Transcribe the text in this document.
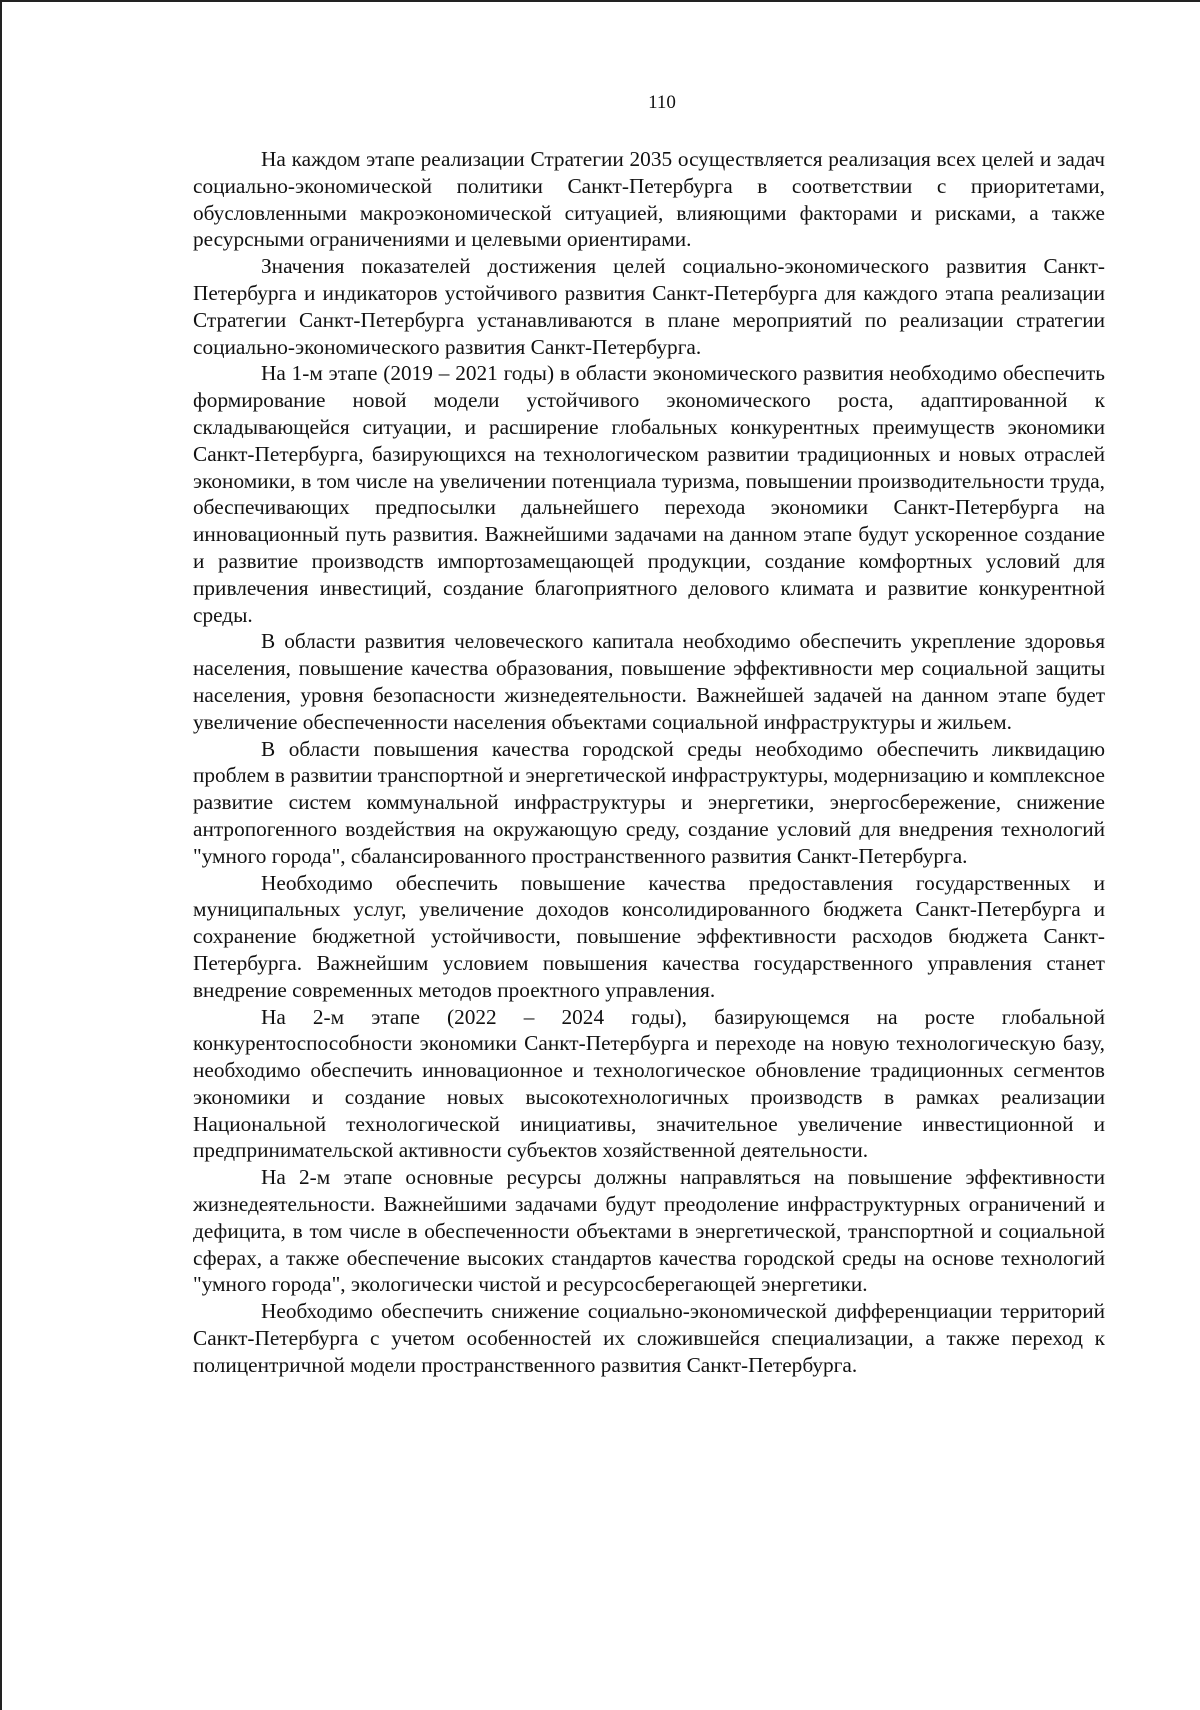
110

На каждом этапе реализации Стратегии 2035 осуществляется реализация всех целей и задач социально-экономической политики Санкт-Петербурга в соответствии с приоритетами, обусловленными макроэкономической ситуацией, влияющими факторами и рисками, а также ресурсными ограничениями и целевыми ориентирами.

Значения показателей достижения целей социально-экономического развития Санкт-Петербурга и индикаторов устойчивого развития Санкт-Петербурга для каждого этапа реализации Стратегии Санкт-Петербурга устанавливаются в плане мероприятий по реализации стратегии социально-экономического развития Санкт-Петербурга.

На 1-м этапе (2019 – 2021 годы) в области экономического развития необходимо обеспечить формирование новой модели устойчивого экономического роста, адаптированной к складывающейся ситуации, и расширение глобальных конкурентных преимуществ экономики Санкт-Петербурга, базирующихся на технологическом развитии традиционных и новых отраслей экономики, в том числе на увеличении потенциала туризма, повышении производительности труда, обеспечивающих предпосылки дальнейшего перехода экономики Санкт-Петербурга на инновационный путь развития. Важнейшими задачами на данном этапе будут ускоренное создание и развитие производств импортозамещающей продукции, создание комфортных условий для привлечения инвестиций, создание благоприятного делового климата и развитие конкурентной среды.

В области развития человеческого капитала необходимо обеспечить укрепление здоровья населения, повышение качества образования, повышение эффективности мер социальной защиты населения, уровня безопасности жизнедеятельности. Важнейшей задачей на данном этапе будет увеличение обеспеченности населения объектами социальной инфраструктуры и жильем.

В области повышения качества городской среды необходимо обеспечить ликвидацию проблем в развитии транспортной и энергетической инфраструктуры, модернизацию и комплексное развитие систем коммунальной инфраструктуры и энергетики, энергосбережение, снижение антропогенного воздействия на окружающую среду, создание условий для внедрения технологий "умного города", сбалансированного пространственного развития Санкт-Петербурга.

Необходимо обеспечить повышение качества предоставления государственных и муниципальных услуг, увеличение доходов консолидированного бюджета Санкт-Петербурга и сохранение бюджетной устойчивости, повышение эффективности расходов бюджета Санкт-Петербурга. Важнейшим условием повышения качества государственного управления станет внедрение современных методов проектного управления.

На 2-м этапе (2022 – 2024 годы), базирующемся на росте глобальной конкурентоспособности экономики Санкт-Петербурга и переходе на новую технологическую базу, необходимо обеспечить инновационное и технологическое обновление традиционных сегментов экономики и создание новых высокотехнологичных производств в рамках реализации Национальной технологической инициативы, значительное увеличение инвестиционной и предпринимательской активности субъектов хозяйственной деятельности.

На 2-м этапе основные ресурсы должны направляться на повышение эффективности жизнедеятельности. Важнейшими задачами будут преодоление инфраструктурных ограничений и дефицита, в том числе в обеспеченности объектами в энергетической, транспортной и социальной сферах, а также обеспечение высоких стандартов качества городской среды на основе технологий "умного города", экологически чистой и ресурсосберегающей энергетики.

Необходимо обеспечить снижение социально-экономической дифференциации территорий Санкт-Петербурга с учетом особенностей их сложившейся специализации, а также переход к полицентричной модели пространственного развития Санкт-Петербурга.
